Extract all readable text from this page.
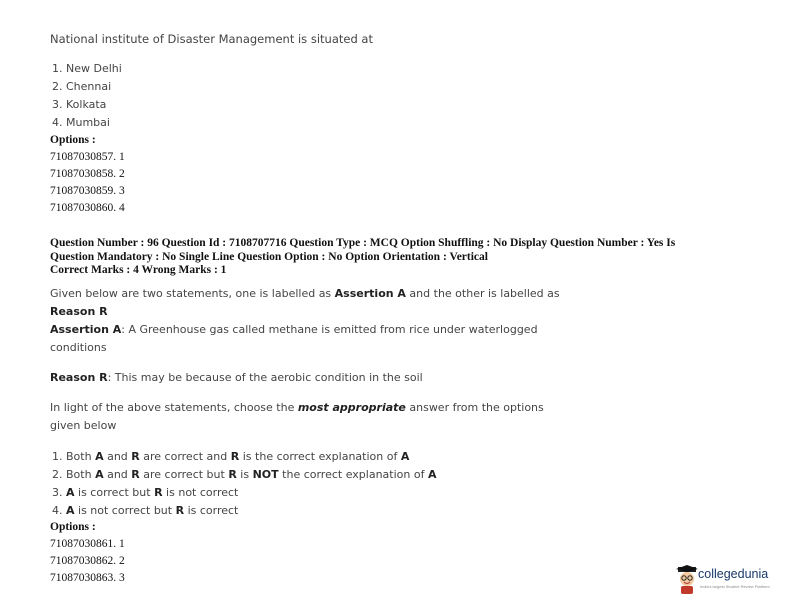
National institute of Disaster Management is situated at
1. New Delhi
2. Chennai
3. Kolkata
4. Mumbai
Options :
71087030857. 1
71087030858. 2
71087030859. 3
71087030860. 4
Question Number : 96 Question Id : 7108707716 Question Type : MCQ Option Shuffling : No Display Question Number : Yes Is
Question Mandatory : No Single Line Question Option : No Option Orientation : Vertical
Correct Marks : 4 Wrong Marks : 1
Given below are two statements, one is labelled as Assertion A and the other is labelled as
Reason R
Assertion A: A Greenhouse gas called methane is emitted from rice under waterlogged
conditions
Reason R: This may be because of the aerobic condition in the soil
In light of the above statements, choose the most appropriate answer from the options
given below
1. Both A and R are correct and R is the correct explanation of A
2. Both A and R are correct but R is NOT the correct explanation of A
3. A is correct but R is not correct
4. A is not correct but R is correct
Options :
71087030861. 1
71087030862. 2
71087030863. 3	collegedunia
India's largest Student Review Platform
